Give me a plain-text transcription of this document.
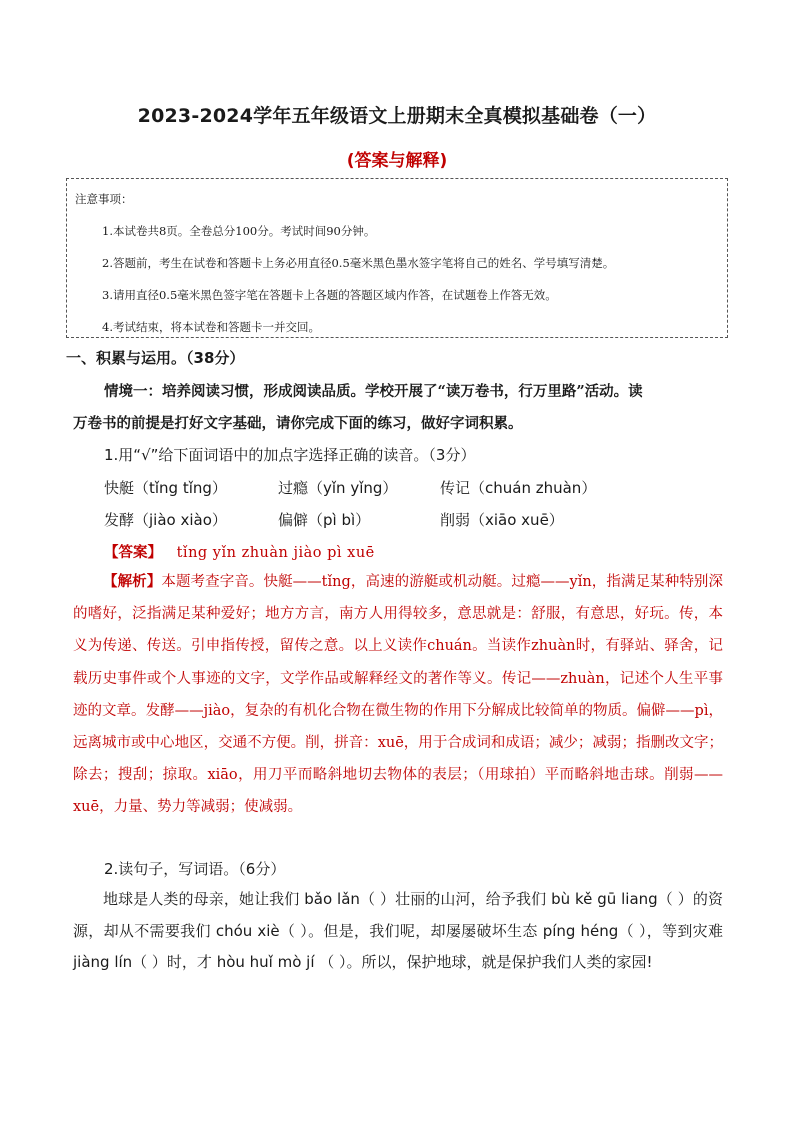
2023-2024学年五年级语文上册期末全真模拟基础卷（一）
(答案与解释)
注意事项：
1.本试卷共8页。全卷总分100分。考试时间90分钟。
2.答题前，考生在试卷和答题卡上务必用直径0.5毫米黑色墨水签字笔将自己的姓名、学号填写清楚。
3.请用直径0.5毫米黑色签字笔在答题卡上各题的答题区域内作答，在试题卷上作答无效。
4.考试结束，将本试卷和答题卡一并交回。
一、积累与运用。（38分）
情境一：培养阅读习惯，形成阅读品质。学校开展了“读万卷书，行万里路”活动。读
万卷书的前提是打好文字基础，请你完成下面的练习，做好字词积累。
1.用“√”给下面词语中的加点字选择正确的读音。（3分）
快艇（tǐng tǐng）	过瘾（yǐn yǐng）	传记（chuán zhuàn）
发酵（jiào xiào）	偏僻（pì bì）	削弱（xiāo xuē）
【答案】 tǐng yǐn zhuàn jiào pì xuē
【解析】本题考查字音。快艇——tǐng，高速的游艇或机动艇。过瘾——yǐn，指满足某种特别深的嗜好，泛指满足某种爱好；地方方言，南方人用得较多，意思就是：舒服，有意思，好玩。传，本义为传递、传送。引申指传授，留传之意。以上义读作chuán。当读作zhuàn时，有驿站、驿舍，记载历史事件或个人事迹的文字，文学作品或解释经文的著作等义。传记——zhuàn，记述个人生平事迹的文章。发酵——jiào，复杂的有机化合物在微生物的作用下分解成比较简单的物质。偏僻——pì，远离城市或中心地区，交通不方便。削，拼音：xuē，用于合成词和成语；减少；减弱；指删改文字；除去；搜刮；掠取。xiāo，用刀平而略斜地切去物体的表层；（用球拍）平而略斜地击球。削弱——xuē，力量、势力等减弱；使减弱。
2.读句子，写词语。（6分）
地球是人类的母亲，她让我们 bǎo lǎn（ ）壮丽的山河，给予我们 bù kě gū liang（ ）的资源，却从不需要我们 chóu xiè（ ）。但是，我们呢，却屡屡破坏生态 píng héng（ ），等到灾难 jiàng lín（ ）时，才 hòu huǐ mò jí （ ）。所以，保护地球，就是保护我们人类的家园!
